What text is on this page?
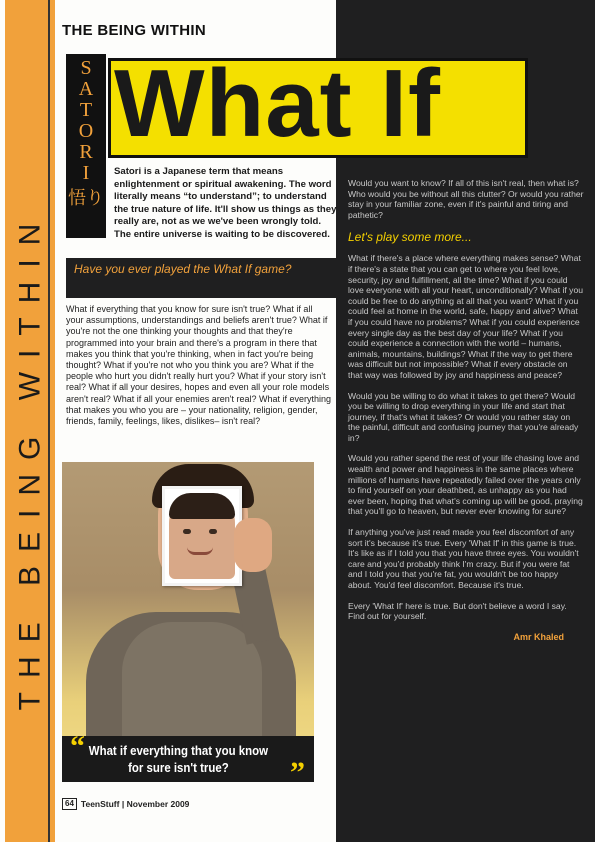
THE BEING WITHIN
THE BEING WITHIN
S
A
T
O
R
I
悟り
What If
Satori is a Japanese term that means enlightenment or spiritual awakening. The word literally means “to understand”; to understand the true nature of life. It'll show us things as they really are, not as we we've been wrongly told. The entire universe is waiting to be discovered.
Have you ever played the What If game?
What if everything that you know for sure isn't true? What if all your assumptions, understandings and beliefs aren't true? What if you're not the one thinking your thoughts and that they're programmed into your brain and there's a program in there that makes you think that you're thinking, when in fact you're being thought? What if you're not who you think you are? What if the people who hurt you didn't really hurt you? What if your story isn't real? What if all your desires, hopes and even all your role models aren't real? What if all your enemies aren't real? What if everything that makes you who you are – your nationality, religion, gender, friends, family, feelings, likes, dislikes– isn't real?
“ What if everything that you know for sure isn't true?	”
64 TeenStuff | November 2009

Would you want to know? If all of this isn't real, then what is? Who would you be without all this clutter? Or would you rather stay in your familiar zone, even if it's painful and tiring and pathetic?

Let's play some more...

What if there's a place where everything makes sense? What if there's a state that you can get to where you feel love, security, joy and fulfillment, all the time? What if you could love everyone with all your heart, unconditionally? What if you could be free to do anything at all that you want? What if you could feel at home in the world, safe, happy and alive? What if you could have no problems? What if you could experience every single day as the best day of your life? What if you could experience a connection with the world – humans, animals, mountains, buildings? What if the way to get there was difficult but not impossible? What if every obstacle on that way was followed by joy and happiness and peace?

Would you be willing to do what it takes to get there? Would you be willing to drop everything in your life and start that journey, if that's what it takes? Or would you rather stay on the painful, difficult and confusing journey that you're already in?

Would you rather spend the rest of your life chasing love and wealth and power and happiness in the same places where millions of humans have repeatedly failed over the years only to find yourself on your deathbed, as unhappy as you had ever been, hoping that what's coming up will be good, praying that you'll go to heaven, but never ever knowing for sure?

If anything you've just read made you feel discomfort of any sort it's because it's true. Every 'What If' in this game is true. It's like as if I told you that you have three eyes. You wouldn't care and you'd probably think I'm crazy. But if you were fat and I told you that you're fat, you wouldn't be too happy about. You'd feel discomfort. Because it's true.

Every 'What If' here is true. But don't believe a word I say. Find out for yourself.

Amr Khaled
